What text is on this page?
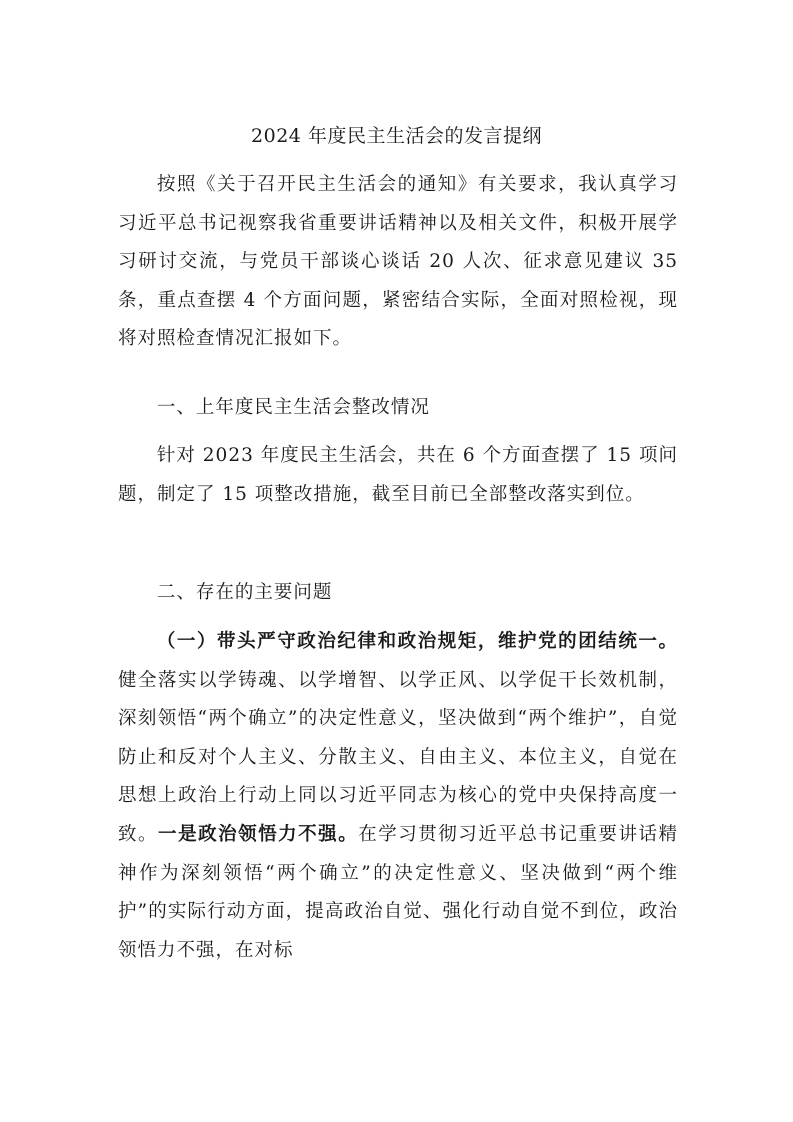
2024 年度民主生活会的发言提纲

按照《关于召开民主生活会的通知》有关要求，我认真学习习近平总书记视察我省重要讲话精神以及相关文件，积极开展学习研讨交流，与党员干部谈心谈话 20 人次、征求意见建议 35 条，重点查摆 4 个方面问题，紧密结合实际，全面对照检视，现将对照检查情况汇报如下。

一、上年度民主生活会整改情况

针对 2023 年度民主生活会，共在 6 个方面查摆了 15 项问题，制定了 15 项整改措施，截至目前已全部整改落实到位。

二、存在的主要问题

（一）带头严守政治纪律和政治规矩，维护党的团结统一。健全落实以学铸魂、以学增智、以学正风、以学促干长效机制，深刻领悟“两个确立”的决定性意义，坚决做到“两个维护”，自觉防止和反对个人主义、分散主义、自由主义、本位主义，自觉在思想上政治上行动上同以习近平同志为核心的党中央保持高度一致。一是政治领悟力不强。在学习贯彻习近平总书记重要讲话精神作为深刻领悟“两个确立”的决定性意义、坚决做到“两个维护”的实际行动方面，提高政治自觉、强化行动自觉不到位，政治领悟力不强，在对标
